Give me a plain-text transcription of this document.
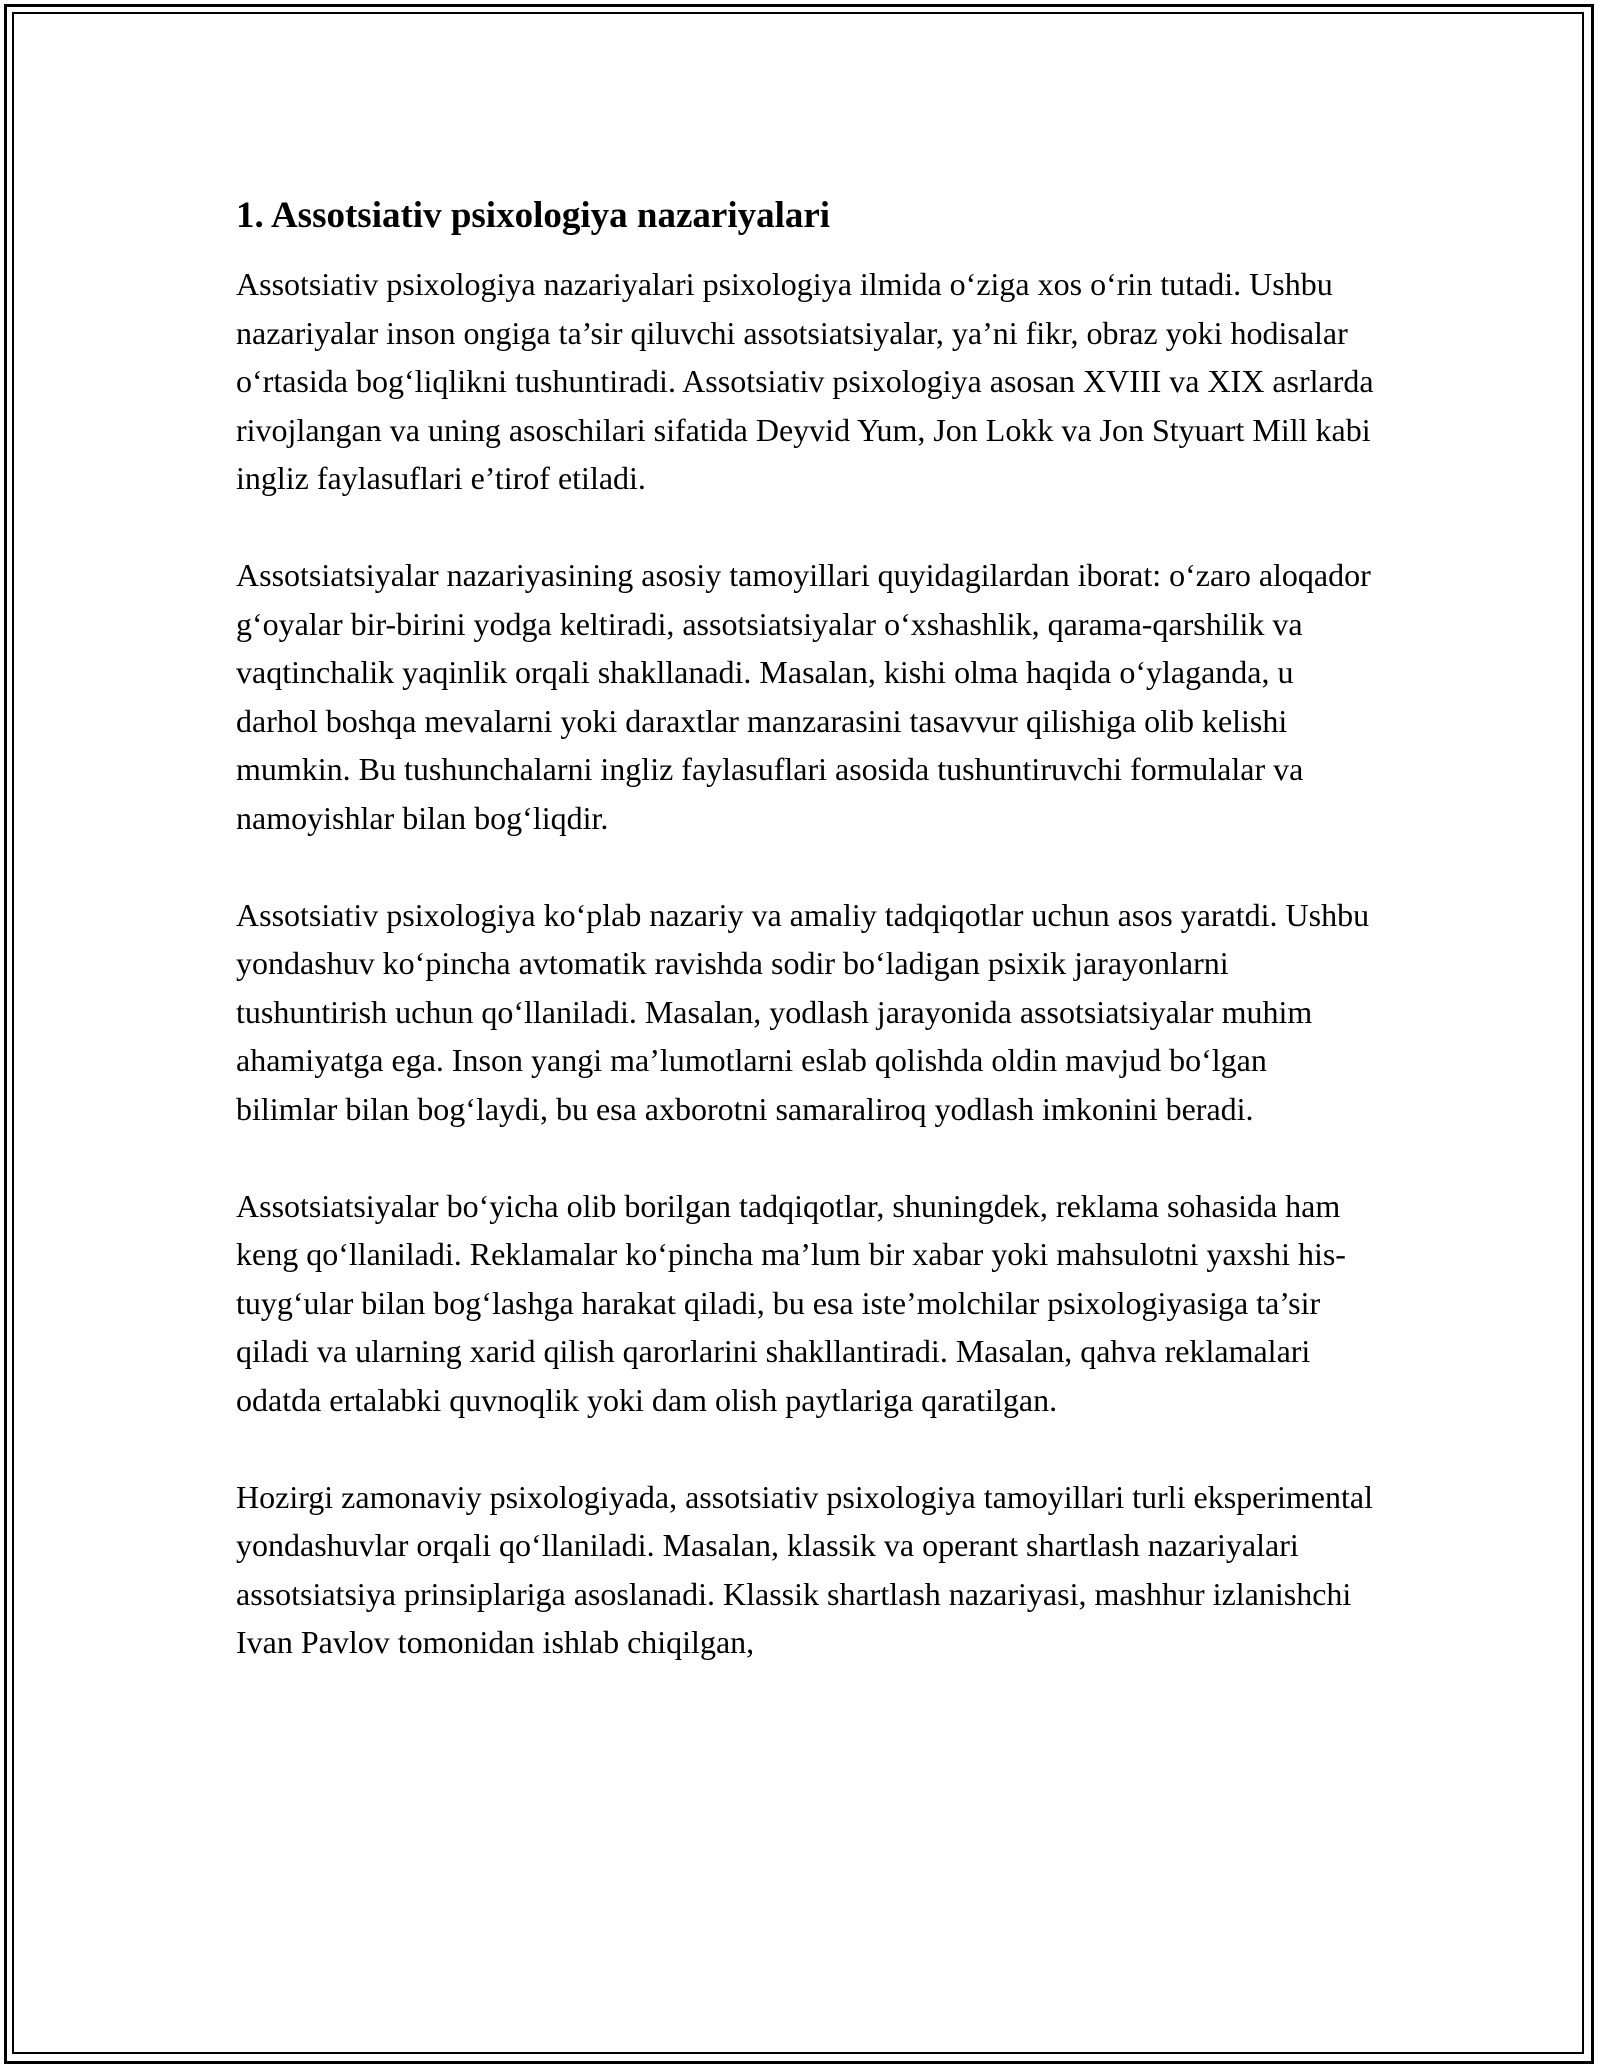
1. Assotsiativ psixologiya nazariyalari

Assotsiativ psixologiya nazariyalari psixologiya ilmida o‘ziga xos o‘rin tutadi. Ushbu nazariyalar inson ongiga ta’sir qiluvchi assotsiatsiyalar, ya’ni fikr, obraz yoki hodisalar o‘rtasida bog‘liqlikni tushuntiradi. Assotsiativ psixologiya asosan XVIII va XIX asrlarda rivojlangan va uning asoschilari sifatida Deyvid Yum, Jon Lokk va Jon Styuart Mill kabi ingliz faylasuflari e’tirof etiladi.

Assotsiatsiyalar nazariyasining asosiy tamoyillari quyidagilardan iborat: o‘zaro aloqador g‘oyalar bir-birini yodga keltiradi, assotsiatsiyalar o‘xshashlik, qarama-qarshilik va vaqtinchalik yaqinlik orqali shakllanadi. Masalan, kishi olma haqida o‘ylaganda, u darhol boshqa mevalarni yoki daraxtlar manzarasini tasavvur qilishiga olib kelishi mumkin. Bu tushunchalarni ingliz faylasuflari asosida tushuntiruvchi formulalar va namoyishlar bilan bog‘liqdir.

Assotsiativ psixologiya ko‘plab nazariy va amaliy tadqiqotlar uchun asos yaratdi. Ushbu yondashuv ko‘pincha avtomatik ravishda sodir bo‘ladigan psixik jarayonlarni tushuntirish uchun qo‘llaniladi. Masalan, yodlash jarayonida assotsiatsiyalar muhim ahamiyatga ega. Inson yangi ma’lumotlarni eslab qolishda oldin mavjud bo‘lgan bilimlar bilan bog‘laydi, bu esa axborotni samaraliroq yodlash imkonini beradi.

Assotsiatsiyalar bo‘yicha olib borilgan tadqiqotlar, shuningdek, reklama sohasida ham keng qo‘llaniladi. Reklamalar ko‘pincha ma’lum bir xabar yoki mahsulotni yaxshi his-tuyg‘ular bilan bog‘lashga harakat qiladi, bu esa iste’molchilar psixologiyasiga ta’sir qiladi va ularning xarid qilish qarorlarini shakllantiradi. Masalan, qahva reklamalari odatda ertalabki quvnoqlik yoki dam olish paytlariga qaratilgan.

Hozirgi zamonaviy psixologiyada, assotsiativ psixologiya tamoyillari turli eksperimental yondashuvlar orqali qo‘llaniladi. Masalan, klassik va operant shartlash nazariyalari assotsiatsiya prinsiplariga asoslanadi. Klassik shartlash nazariyasi, mashhur izlanishchi Ivan Pavlov tomonidan ishlab chiqilgan,
